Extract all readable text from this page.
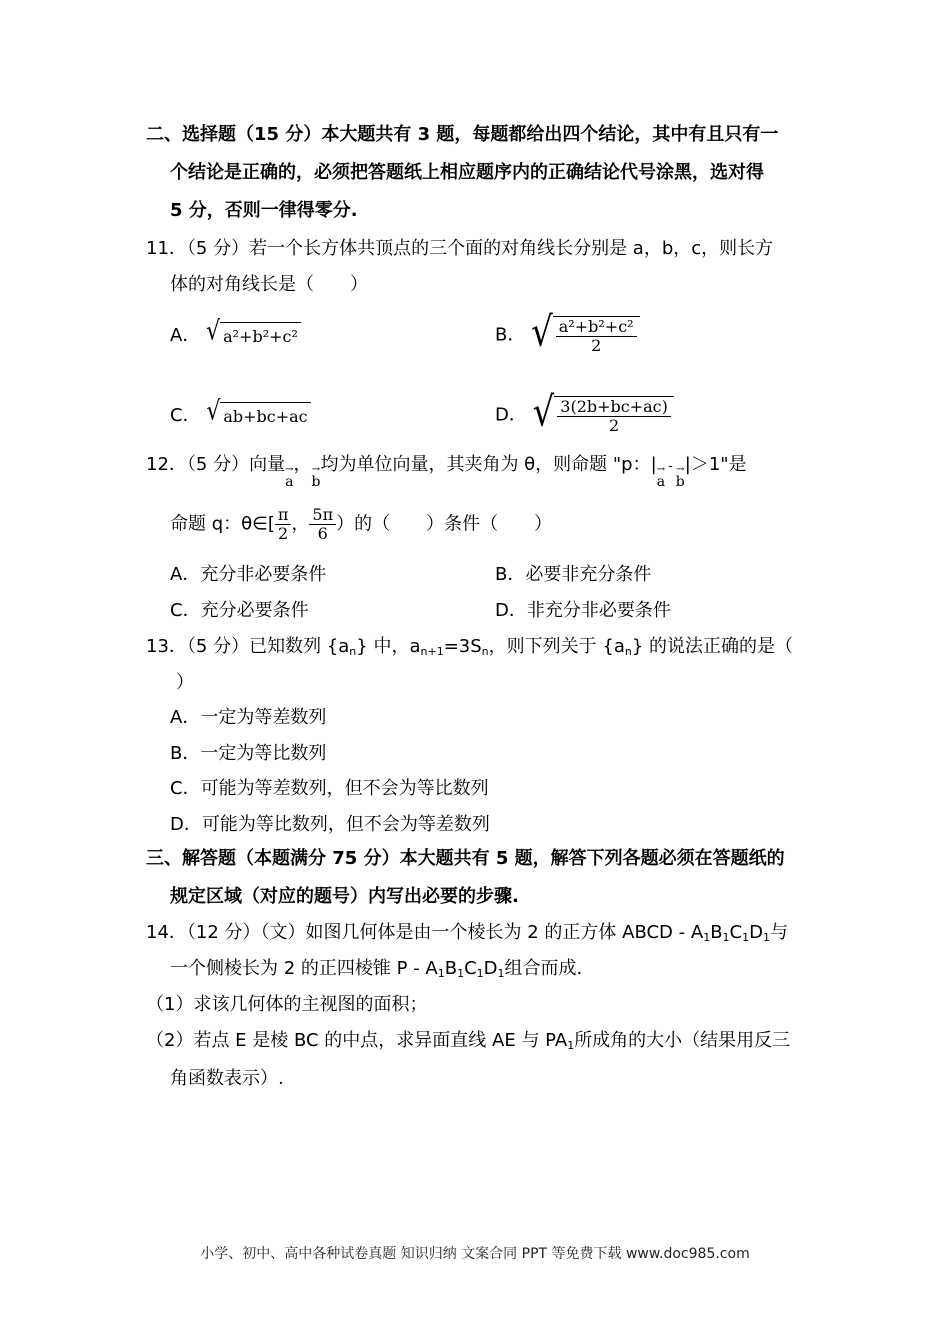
二、选择题（15 分）本大题共有 3 题，每题都给出四个结论，其中有且只有一
个结论是正确的，必须把答题纸上相应题序内的正确结论代号涂黑，选对得
5 分，否则一律得零分.
11．（5 分）若一个长方体共顶点的三个面的对角线长分别是 a，b，c，则长方
体的对角线长是（　　）
A． √ a²+b²+c²	B． √ $\frac{\text{a²+b²+c²}}{2}$
C． √ ab+bc+ac	D． √ $\frac{3(2b+bc+ac)}{2}$
12．（5 分）向量 →
a
， →
b
均为单位向量，其夹角为 θ，则命题 "p：| →
a
- →
b
|＞1"是
命题 q：θ∈[ $\frac{\pi}{2}$ ， $\frac{5\pi}{6}$ ）的（　　）条件（　　）
A．充分非必要条件	B．必要非充分条件
C．充分必要条件	D．非充分非必要条件
13．（5 分）已知数列 $\{a_n\}$ 中，$a_{n+1}=3S_n$，则下列关于 $\{a_n\}$ 的说法正确的是（
）
A．一定为等差数列
B．一定为等比数列
C．可能为等差数列，但不会为等比数列
D．可能为等比数列，但不会为等差数列
三、解答题（本题满分 75 分）本大题共有 5 题，解答下列各题必须在答题纸的
规定区域（对应的题号）内写出必要的步骤.
14．（12 分）（文）如图几何体是由一个棱长为 2 的正方体 ABCD - $A_1B_1C_1D_1$与
一个侧棱长为 2 的正四棱锥 P - $A_1B_1C_1D_1$组合而成.
（1）求该几何体的主视图的面积；
（2）若点 E 是棱 BC 的中点，求异面直线 AE 与 $PA_1$所成角的大小（结果用反三
角函数表示）.
小学、初中、高中各种试卷真题 知识归纳 文案合同 PPT 等免费下载 www.doc985.com
